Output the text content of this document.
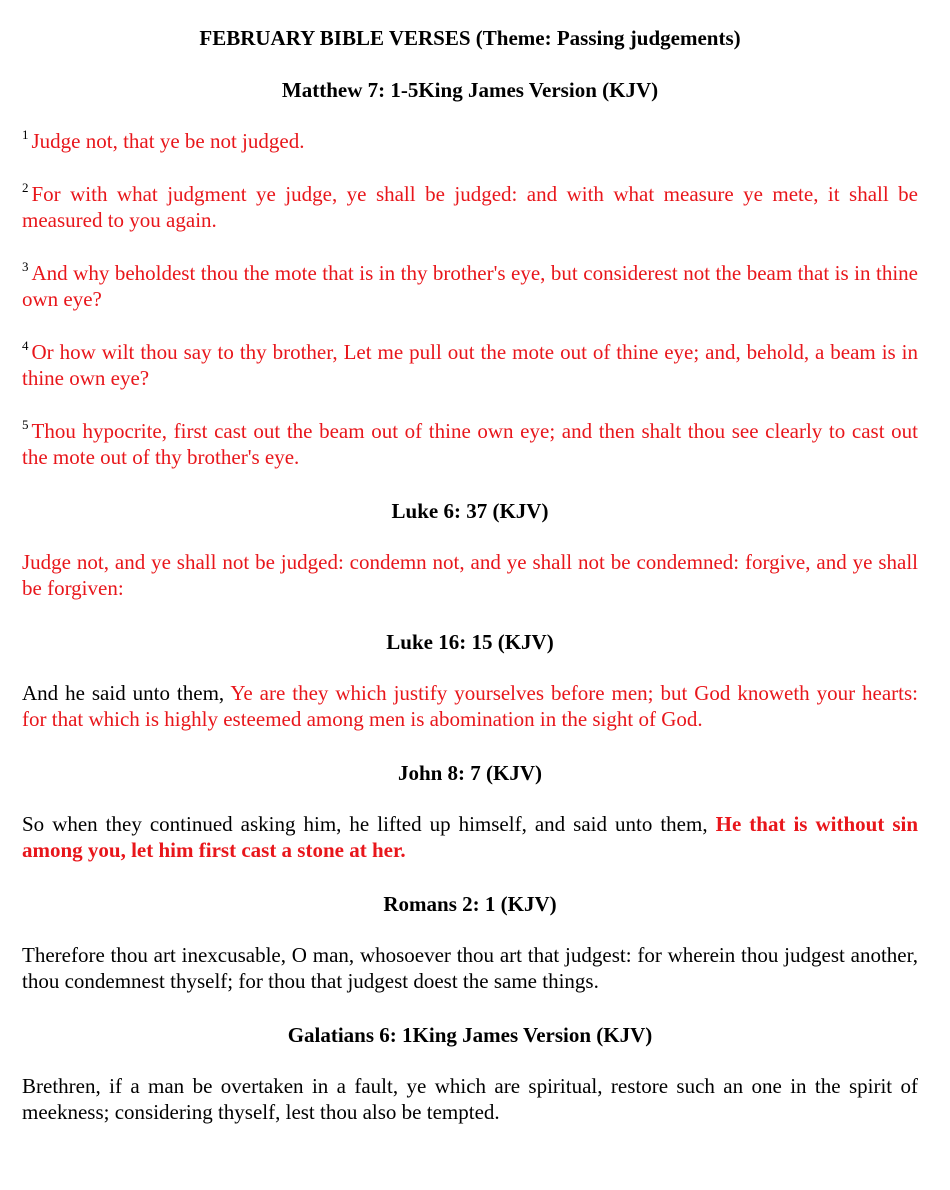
FEBRUARY BIBLE VERSES (Theme: Passing judgements)
Matthew 7: 1-5King James Version (KJV)

$^1$ Judge not, that ye be not judged.

$^2$ For with what judgment ye judge, ye shall be judged: and with what measure ye mete, it shall be measured to you again.

$^3$ And why beholdest thou the mote that is in thy brother's eye, but considerest not the beam that is in thine own eye?

$^4$ Or how wilt thou say to thy brother, Let me pull out the mote out of thine eye; and, behold, a beam is in thine own eye?

$^5$ Thou hypocrite, first cast out the beam out of thine own eye; and then shalt thou see clearly to cast out the mote out of thy brother's eye.

Luke 6: 37 (KJV)

Judge not, and ye shall not be judged: condemn not, and ye shall not be condemned: forgive, and ye shall be forgiven:

Luke 16: 15 (KJV)

And he said unto them, Ye are they which justify yourselves before men; but God knoweth your hearts: for that which is highly esteemed among men is abomination in the sight of God.

John 8: 7 (KJV)

So when they continued asking him, he lifted up himself, and said unto them, He that is without sin among you, let him first cast a stone at her.

Romans 2: 1 (KJV)

Therefore thou art inexcusable, O man, whosoever thou art that judgest: for wherein thou judgest another, thou condemnest thyself; for thou that judgest doest the same things.

Galatians 6: 1King James Version (KJV)

Brethren, if a man be overtaken in a fault, ye which are spiritual, restore such an one in the spirit of meekness; considering thyself, lest thou also be tempted.
